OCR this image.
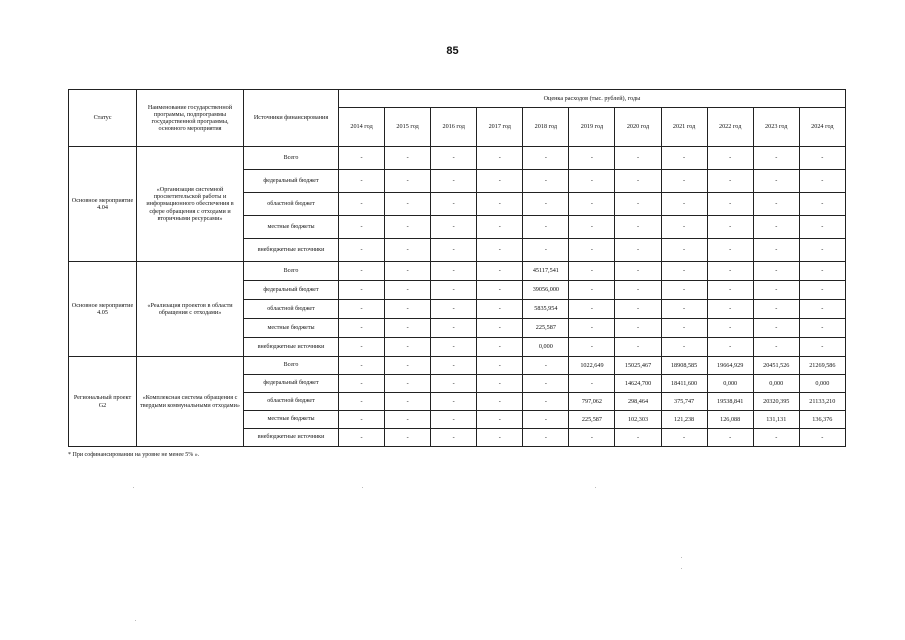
85
Статус	Наименование государственной программы, подпрограммы государственной программы, основного мероприятия	Источники финансирования	Оценка расходов (тыс. рублей), годы										
			2014 год	2015 год	2016 год	2017 год	2018 год	2019 год	2020 год	2021 год	2022 год	2023 год	2024 год
Основное мероприятие 4.04	«Организация системной просветительской работы и информационного обеспечения в сфере обращения с отходами и вторичными ресурсами»	Всего	-	-	-	-	-	-	-	-	-	-	-
		федеральный бюджет	-	-	-	-	-	-	-	-	-	-	-
		областной бюджет	-	-	-	-	-	-	-	-	-	-	-
		местные бюджеты	-	-	-	-	-	-	-	-	-	-	-
		внебюджетные источники	-	-	-	-	-	-	-	-	-	-	-
Основное мероприятие 4.05	«Реализация проектов в области обращения с отходами»	Всего	-	-	-	-	45117,541	-	-	-	-	-	-
		федеральный бюджет	-	-	-	-	39056,000	-	-	-	-	-	-
		областной бюджет	-	-	-	-	5835,954	-	-	-	-	-	-
		местные бюджеты	-	-	-	-	225,587	-	-	-	-	-	-
		внебюджетные источники	-	-	-	-	0,000	-	-	-	-	-	-
Региональный проект G2	«Комплексная система обращения с твердыми коммунальными отходами»	Всего	-	-	-	-	-	1022,649	15025,467	18908,585	19664,929	20451,526	21269,586
		федеральный бюджет	-	-	-	-	-	-	14624,700	18411,600	0,000	0,000	0,000
		областной бюджет	-	-	-	-	-	797,062	298,464	375,747	19538,841	20320,395	21133,210
		местные бюджеты	-	-	-	-	-	225,587	102,303	121,238	126,088	131,131	136,376
		внебюджетные источники	-	-	-	-	-	-	-	-	-	-	-
* При софинансировании на уровне не менее 5% ».
